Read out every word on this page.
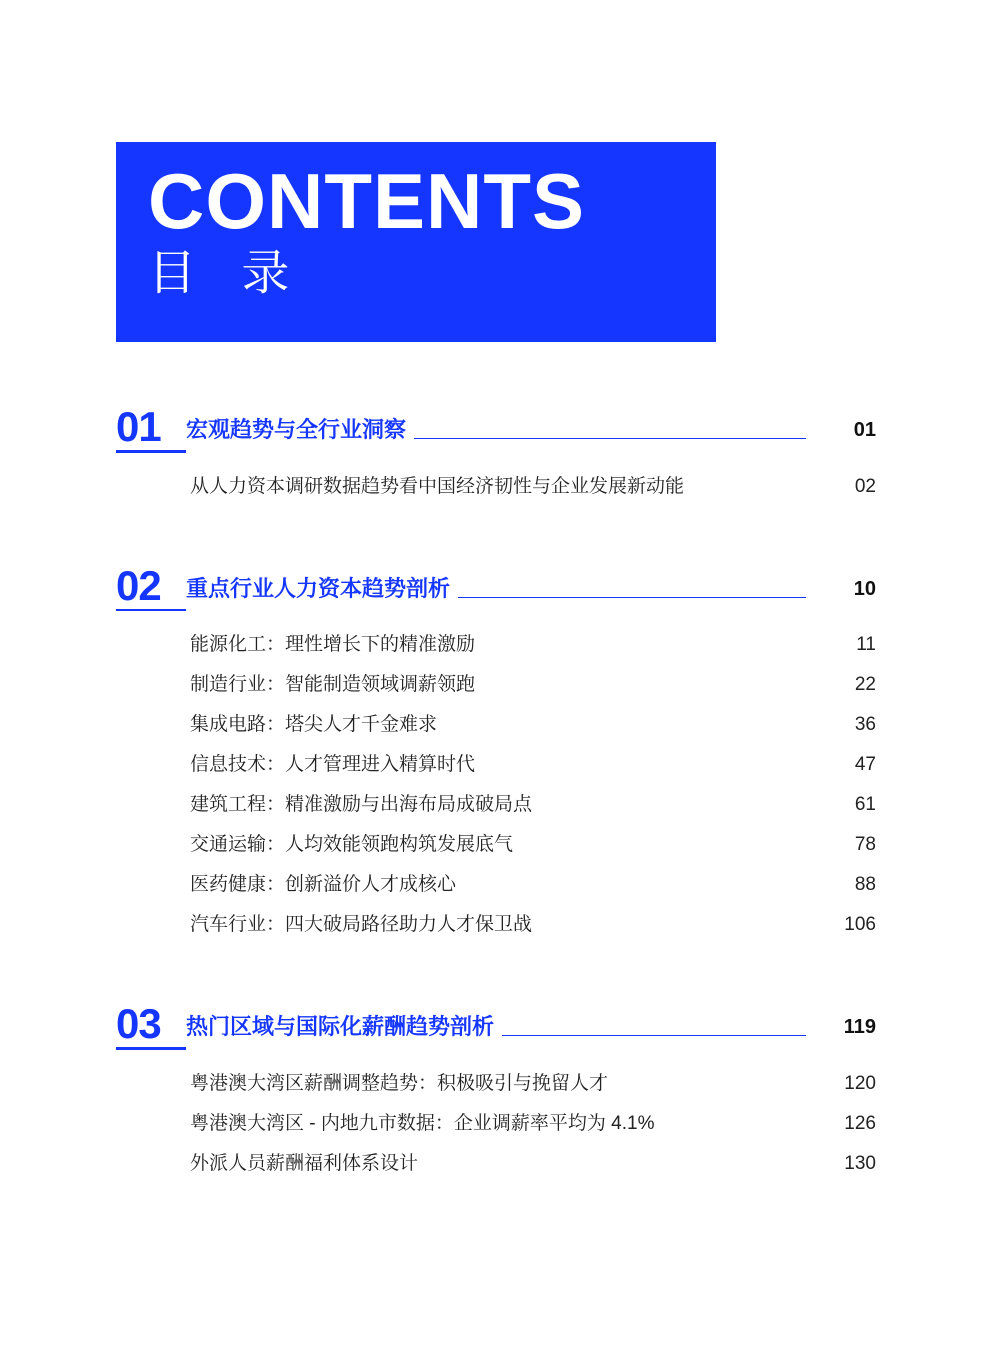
CONTENTS
目 录
01	宏观趋势与全行业洞察	01
从人力资本调研数据趋势看中国经济韧性与企业发展新动能	02
02	重点行业人力资本趋势剖析	10
能源化工：理性增长下的精准激励	11
制造行业：智能制造领域调薪领跑	22
集成电路：塔尖人才千金难求	36
信息技术：人才管理进入精算时代	47
建筑工程：精准激励与出海布局成破局点	61
交通运输：人均效能领跑构筑发展底气	78
医药健康：创新溢价人才成核心	88
汽车行业：四大破局路径助力人才保卫战	106
03	热门区域与国际化薪酬趋势剖析	119
粤港澳大湾区薪酬调整趋势：积极吸引与挽留人才	120
粤港澳大湾区 - 内地九市数据：企业调薪率平均为 4.1%	126
外派人员薪酬福利体系设计	130
